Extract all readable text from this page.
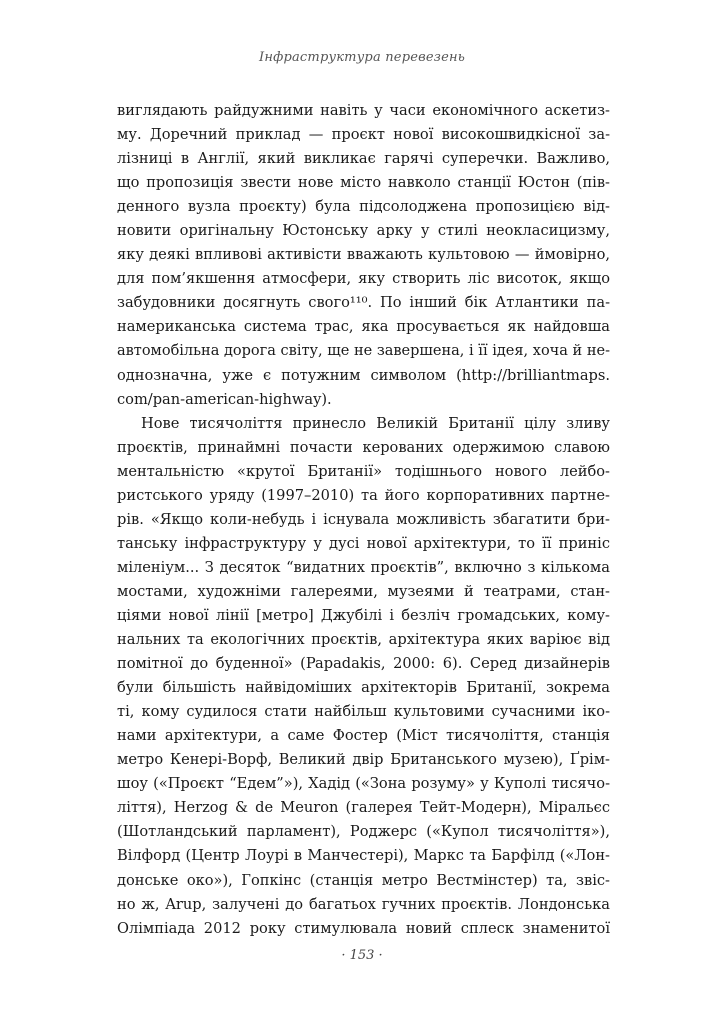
Інфраструктура перевезень
виглядають райдужними навіть у часи економічного аскетиз-
му. Доречний приклад — проєкт нової високошвидкісної за-
лізниці в Англії, який викликає гарячі суперечки. Важливо,
що пропозиція звести нове місто навколо станції Юстон (пів-
денного вузла проєкту) була підсолоджена пропозицією від-
новити оригінальну Юстонську арку у стилі неокласицизму,
яку деякі впливові активісти вважають культовою — ймовірно,
для пом’якшення атмосфери, яку створить ліс висоток, якщо
забудовники досягнуть свого¹¹⁰. По інший бік Атлантики па-
намериканська система трас, яка просувається як найдовша
автомобільна дорога світу, ще не завершена, і її ідея, хоча й не-
однозначна, уже є потужним символом (http://brilliantmaps.
com/pan-american-highway).
Нове тисячоліття принесло Великій Британії цілу зливу
проєктів, принаймні почасти керованих одержимою славою
ментальністю «крутої Британії» тодішнього нового лейбо-
ристського уряду (1997–2010) та його корпоративних партне-
рів. «Якщо коли-небудь і існувала можливість збагатити бри-
танську інфраструктуру у дусі нової архітектури, то її приніс
міленіум... З десяток “видатних проєктів”, включно з кількома
мостами, художніми галереями, музеями й театрами, стан-
ціями нової лінії [метро] Джубілі і безліч громадських, кому-
нальних та екологічних проєктів, архітектура яких варіює від
помітної до буденної» (Papadakis, 2000: 6). Серед дизайнерів
були більшість найвідоміших архітекторів Британії, зокрема
ті, кому судилося стати найбільш культовими сучасними іко-
нами архітектури, а саме Фостер (Міст тисячоліття, станція
метро Кенері-Ворф, Великий двір Британського музею), Ґрім-
шоу («Проєкт “Едем”»), Хадід («Зона розуму» у Куполі тисячо-
ліття), Herzog & de Meuron (галерея Тейт-Модерн), Міральєс
(Шотландський парламент), Роджерс («Купол тисячоліття»),
Вілфорд (Центр Лоурі в Манчестері), Маркс та Барфілд («Лон-
донське око»), Гопкінс (станція метро Вестмінстер) та, звіс-
но ж, Arup, залучені до багатьох гучних проєктів. Лондонська
Олімпіада 2012 року стимулювала новий сплеск знаменитої
· 153 ·
